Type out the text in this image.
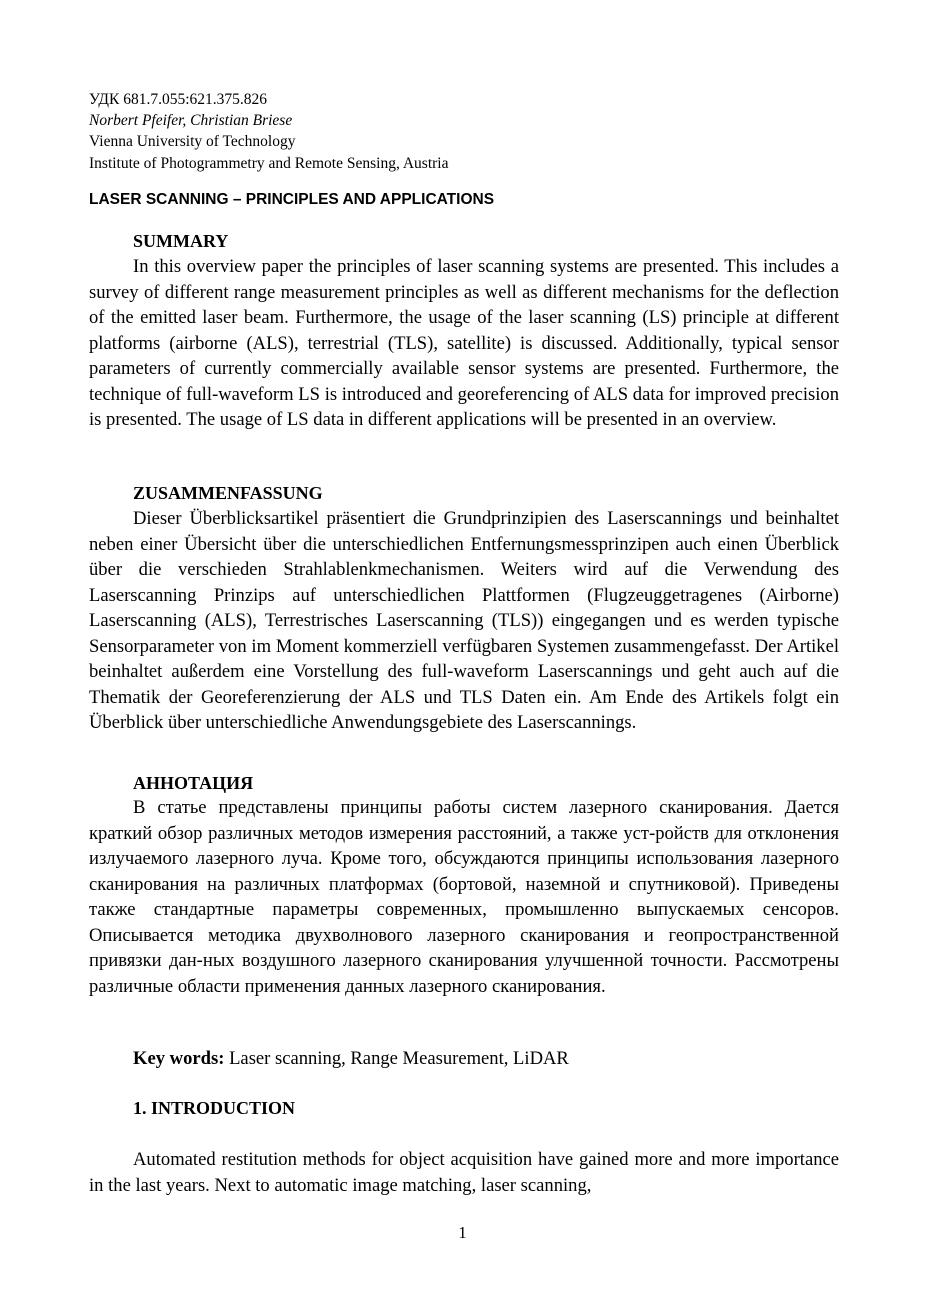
УДК 681.7.055:621.375.826
Norbert Pfeifer, Christian Briese
Vienna University of Technology
Institute of Photogrammetry and Remote Sensing, Austria
LASER SCANNING – PRINCIPLES AND APPLICATIONS
SUMMARY
In this overview paper the principles of laser scanning systems are presented. This includes a survey of different range measurement principles as well as different mechanisms for the deflection of the emitted laser beam. Furthermore, the usage of the laser scanning (LS) principle at different platforms (airborne (ALS), terrestrial (TLS), satellite) is discussed. Additionally, typical sensor parameters of currently commercially available sensor systems are presented. Furthermore, the technique of full-waveform LS is introduced and georeferencing of ALS data for improved precision is presented. The usage of LS data in different applications will be presented in an overview.
ZUSAMMENFASSUNG
Dieser Überblicksartikel präsentiert die Grundprinzipien des Laserscannings und beinhaltet neben einer Übersicht über die unterschiedlichen Entfernungsmessprinzipen auch einen Überblick über die verschieden Strahlablenkmechanismen. Weiters wird auf die Verwendung des Laserscanning Prinzips auf unterschiedlichen Plattformen (Flugzeuggetragenes (Airborne) Laserscanning (ALS), Terrestrisches Laserscanning (TLS)) eingegangen und es werden typische Sensorparameter von im Moment kommerziell verfügbaren Systemen zusammengefasst. Der Artikel beinhaltet außerdem eine Vorstellung des full-waveform Laserscannings und geht auch auf die Thematik der Georeferenzierung der ALS und TLS Daten ein. Am Ende des Artikels folgt ein Überblick über unterschiedliche Anwendungsgebiete des Laserscannings.
АННОТАЦИЯ
В статье представлены принципы работы систем лазерного сканирования. Дается краткий обзор различных методов измерения расстояний, а также уст-ройств для отклонения излучаемого лазерного луча. Кроме того, обсуждаются принципы использования лазерного сканирования на различных платформах (бортовой, наземной и спутниковой). Приведены также стандартные параметры современных, промышленно выпускаемых сенсоров. Описывается методика двухволнового лазерного сканирования и геопространственной привязки дан-ных воздушного лазерного сканирования улучшенной точности. Рассмотрены различные области применения данных лазерного сканирования.
Key words: Laser scanning, Range Measurement, LiDAR
1. INTRODUCTION
Automated restitution methods for object acquisition have gained more and more importance in the last years. Next to automatic image matching, laser scanning,
1
